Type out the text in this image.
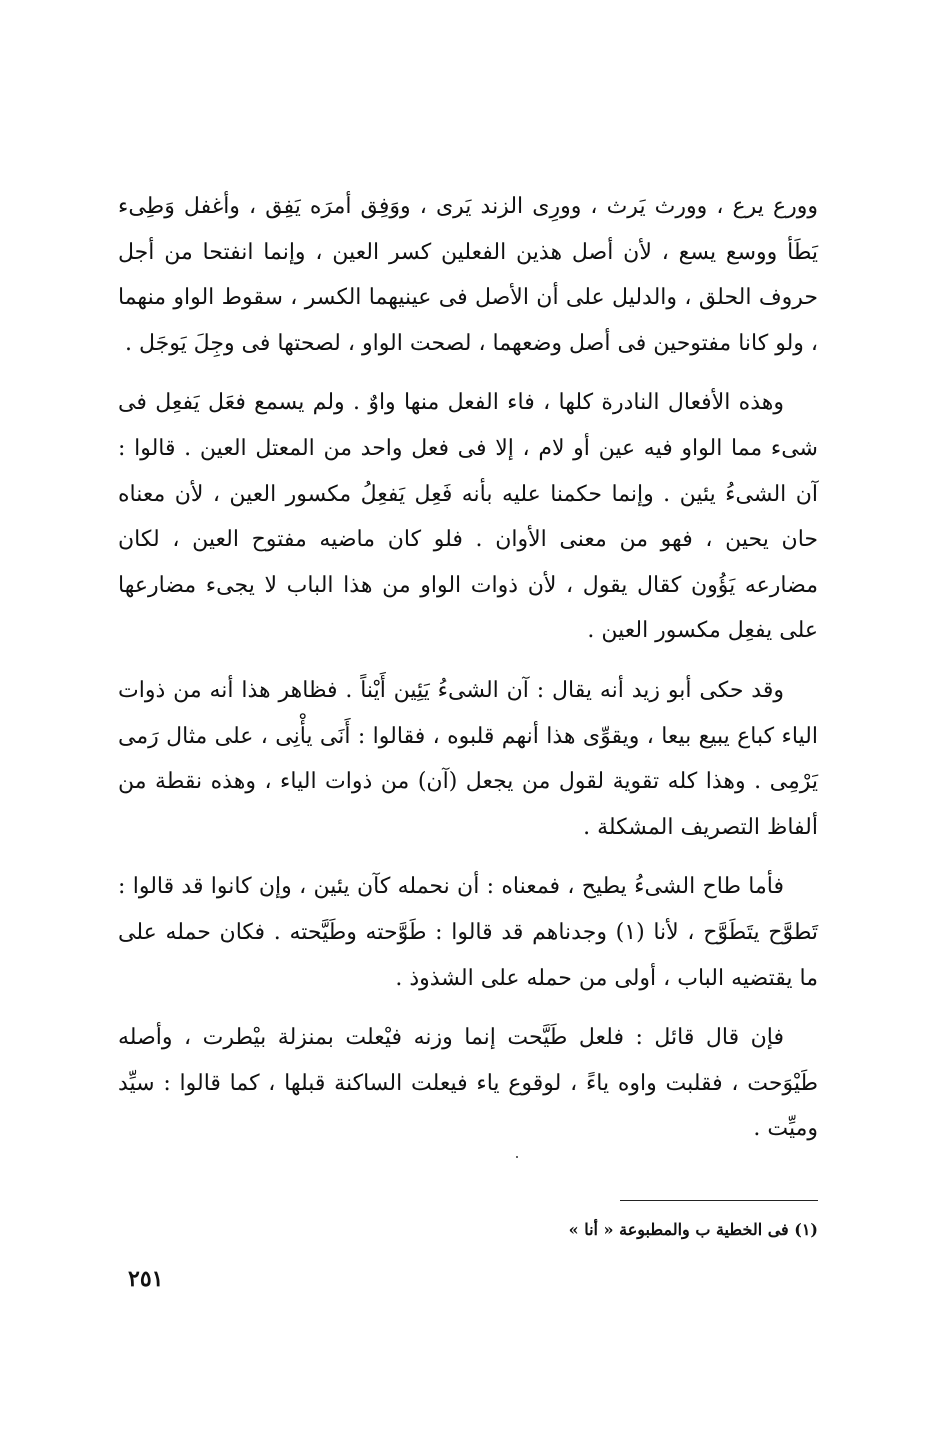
وورع يرع ، وورث يَرث ، وورِى الزند يَرى ، ووَفِق أمرَه يَفِق ، وأغفل وَطِىء يَطَأ ووسع يسع ، لأن أصل هذين الفعلين كسر العين ، وإنما انفتحا من أجل حروف الحلق ، والدليل على أن الأصل فى عينيهما الكسر ، سقوط الواو منهما ، ولو كانا مفتوحين فى أصل وضعهما ، لصحت الواو ، لصحتها فى وجِلَ يَوجَل .

وهذه الأفعال النادرة كلها ، فاء الفعل منها واوٌ . ولم يسمع فعَل يَفعِل فى شىء مما الواو فيه عين أو لام ، إلا فى فعل واحد من المعتل العين . قالوا : آن الشىءُ يئين . وإنما حكمنا عليه بأنه فَعِل يَفعِلُ مكسور العين ، لأن معناه حان يحين ، فهو من معنى الأوان . فلو كان ماضيه مفتوح العين ، لكان مضارعه يَؤُون كقال يقول ، لأن ذوات الواو من هذا الباب لا يجىء مضارعها على يفعِل مكسور العين .

وقد حكى أبو زيد أنه يقال : آن الشىءُ يَئِين أَيْناً . فظاهر هذا أنه من ذوات الياء كباع يبيع بيعا ، ويقوِّى هذا أنهم قلبوه ، فقالوا : أَنَى يأْنِى ، على مثال رَمى يَرْمِى . وهذا كله تقوية لقول من يجعل (آن) من ذوات الياء ، وهذه نقطة من ألفاظ التصريف المشكلة .

فأما طاح الشىءُ يطيح ، فمعناه : أن نحمله كآن يئين ، وإن كانوا قد قالوا : تَطوَّح يتَطَوَّح ، لأنا (١) وجدناهم قد قالوا : طَوَّحته وطَيَّحته . فكان حمله على ما يقتضيه الباب ، أولى من حمله على الشذوذ .

فإن قال قائل : فلعل طَيَّحت إنما وزنه فيْعلت بمنزلة بيْطرت ، وأصله طَيْوَحت ، فقلبت واوه ياءً ، لوقوع ياء فيعلت الساكنة قبلها ، كما قالوا : سيِّد وميِّت .

(١) فى الخطية ب والمطبوعة « أنا »
٢٥١
